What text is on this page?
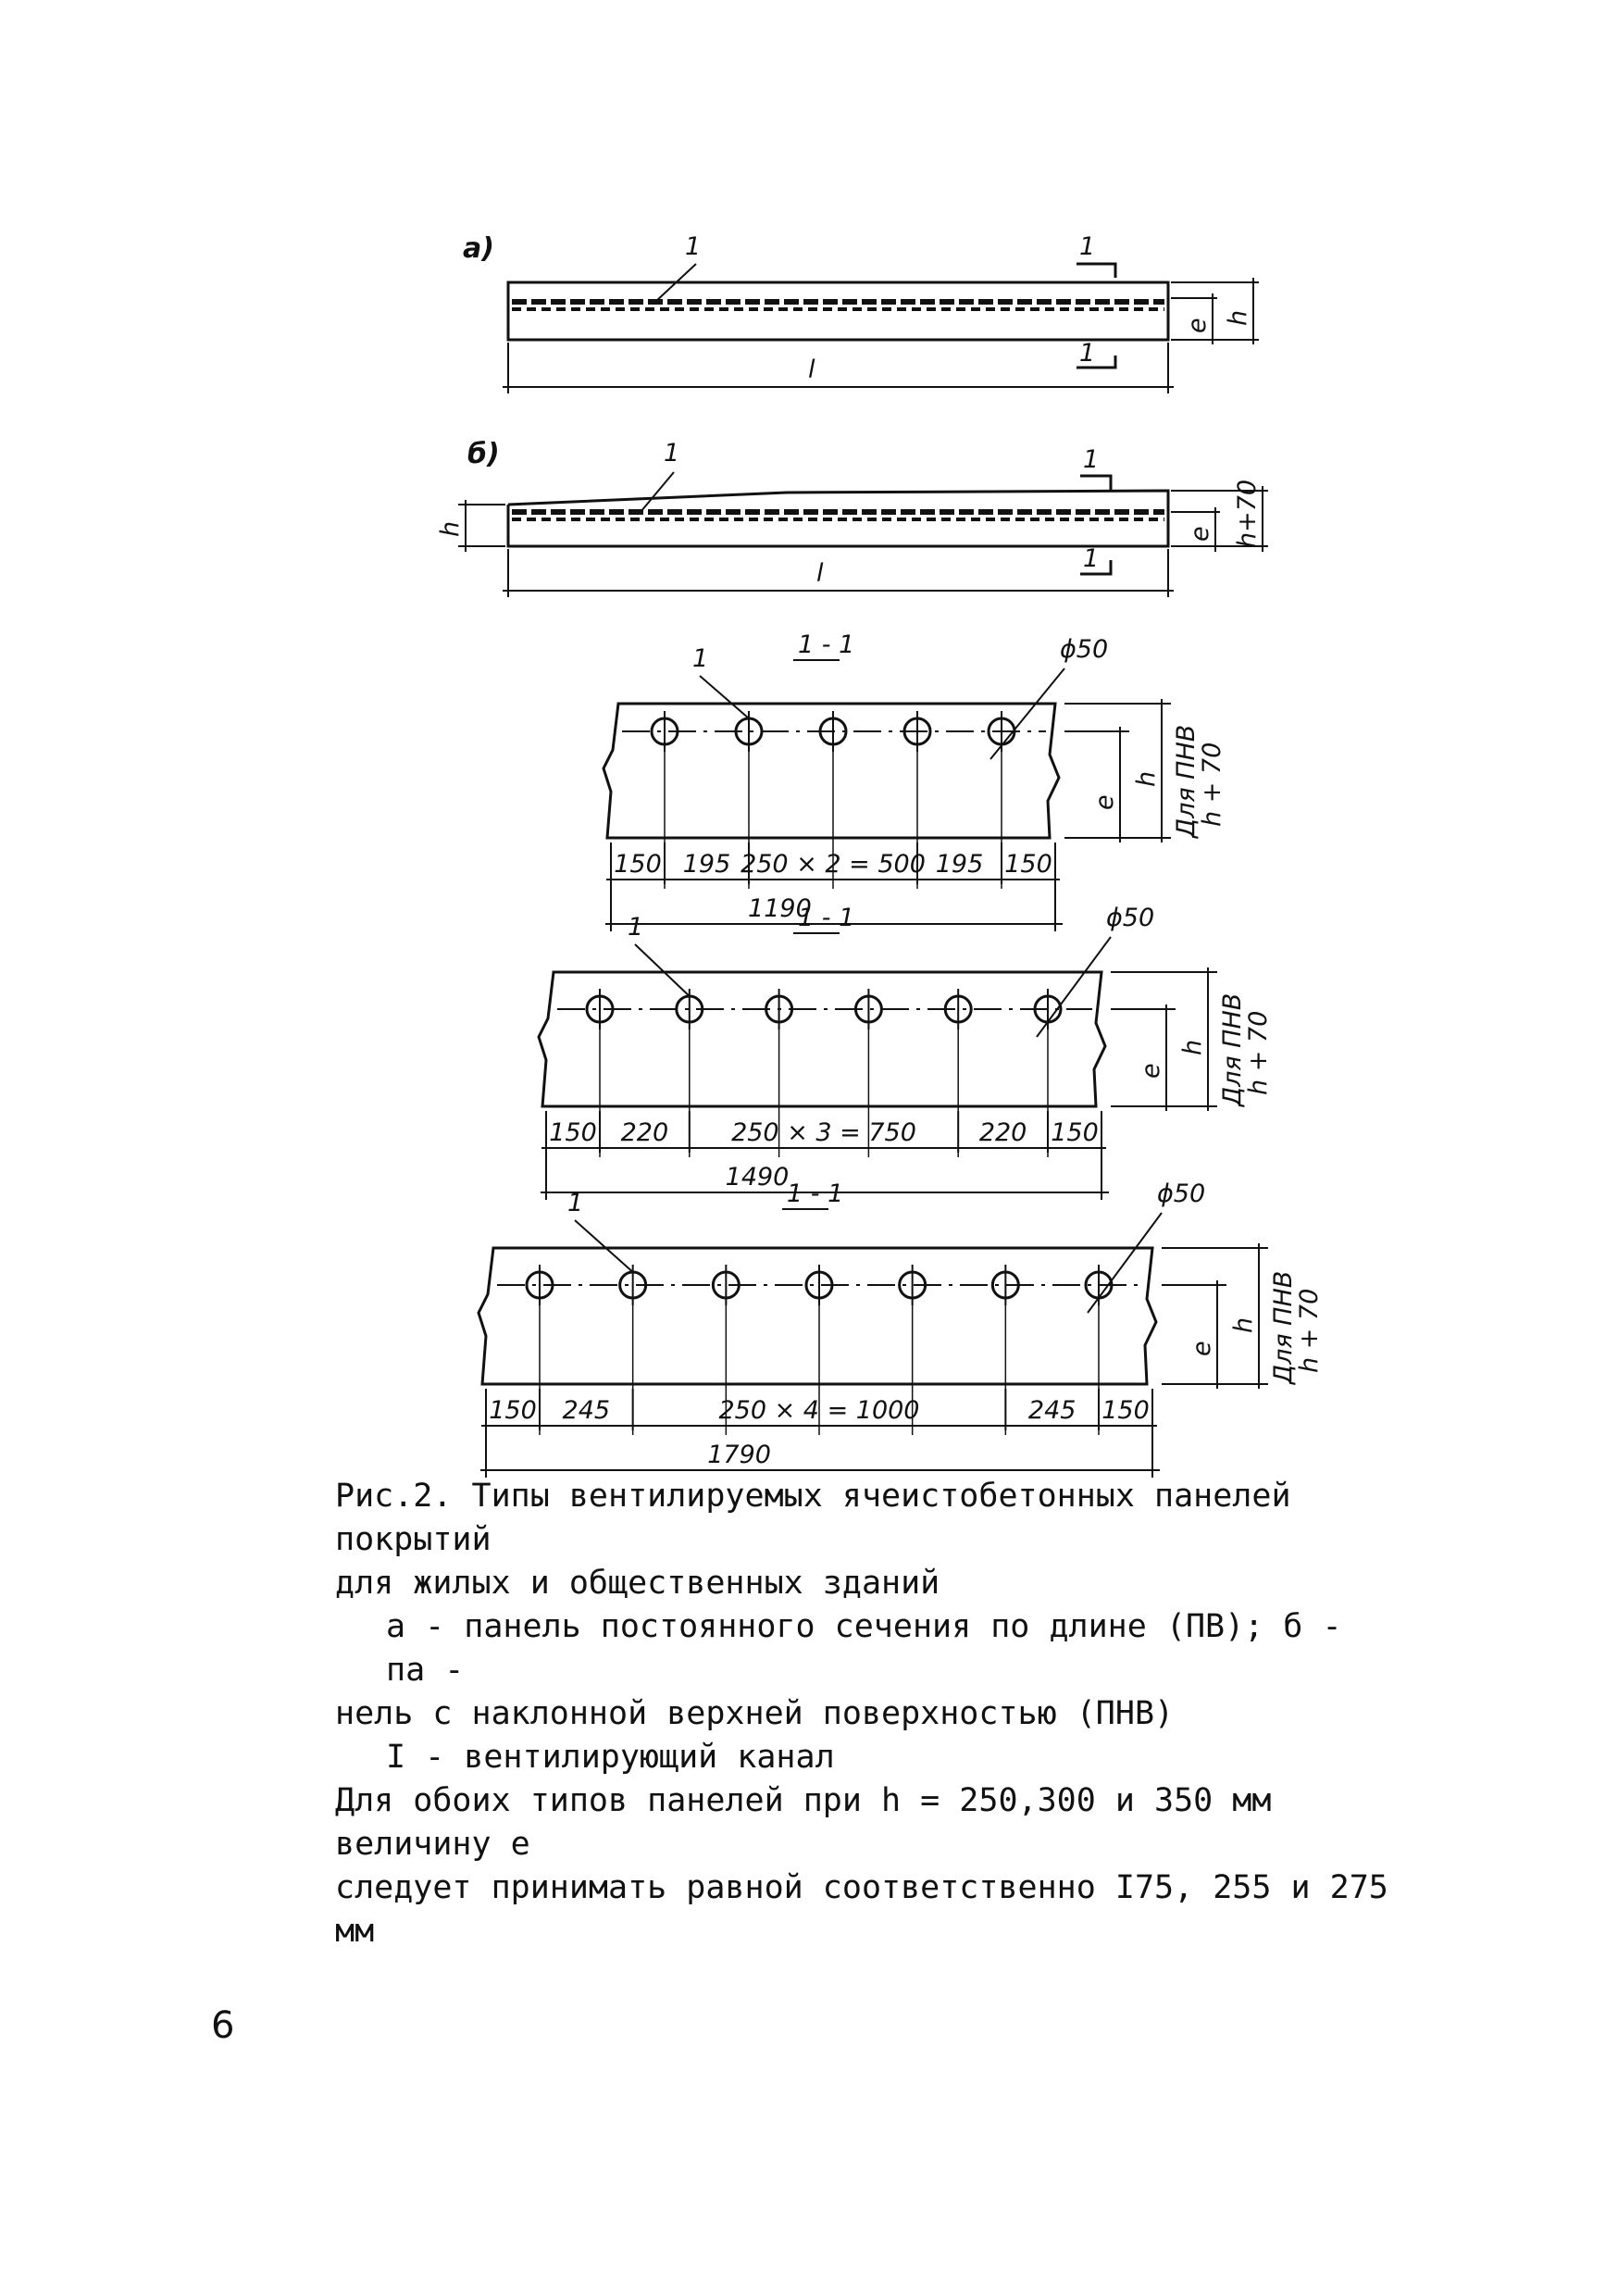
а)	1	1
1
l
e h
б)	1	1
1
l
h	e h+70
1 - 1
1	ϕ50
150 195 250 × 2 = 500 195 150
1190
e
h Для ПНВ
h + 70
1 - 1
1	ϕ50
150 220	250 × 3 = 750	220 150
1490
e
h Для ПНВ
h + 70
1 - 1
1	ϕ50
150 245	250 × 4 = 1000	245 150
1790
e
h Для ПНВ
h + 70

Рис.2. Типы вентилируемых ячеистобетонных панелей покрытий

для жилых и общественных зданий

а - панель постоянного сечения по длине (ПВ); б - па -

нель с наклонной верхней поверхностью (ПНВ)

I - вентилирующий канал

Для обоих типов панелей при h = 250,300 и 350 мм величину e

следует принимать равной соответственно I75, 255 и 275 мм

6
